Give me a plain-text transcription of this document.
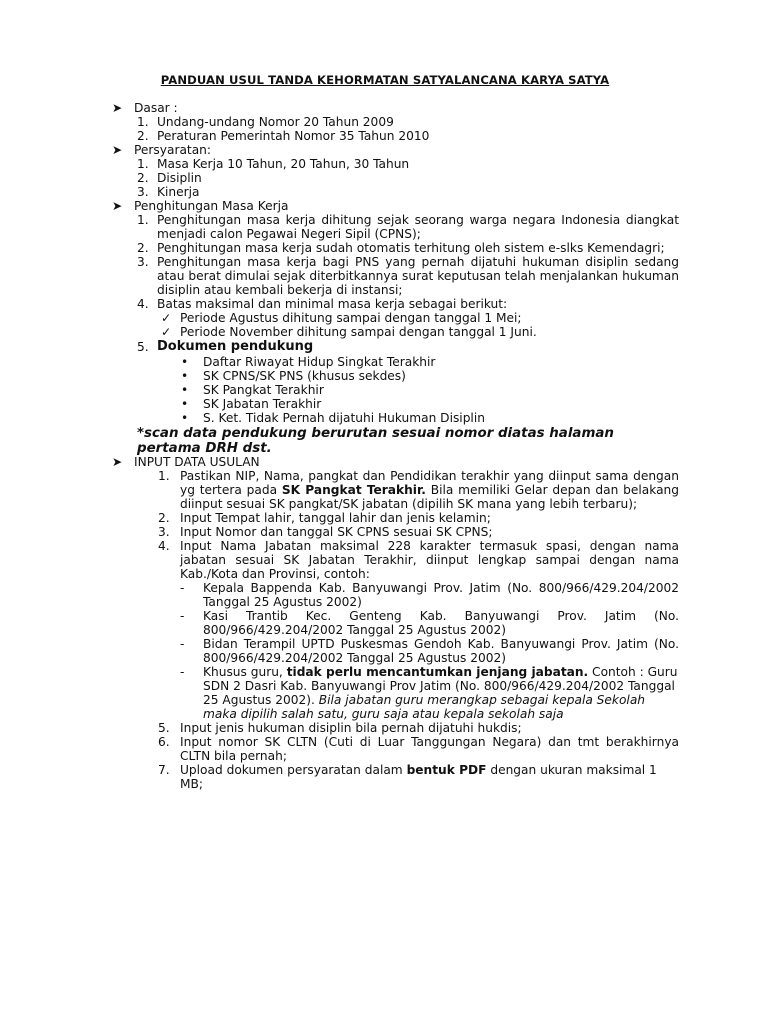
PANDUAN USUL TANDA KEHORMATAN SATYALANCANA KARYA SATYA
➤ Dasar :
1. Undang-undang Nomor 20 Tahun 2009
2. Peraturan Pemerintah Nomor 35 Tahun 2010
➤ Persyaratan:
1. Masa Kerja 10 Tahun, 20 Tahun, 30 Tahun
2. Disiplin
3. Kinerja
➤ Penghitungan Masa Kerja
1. Penghitungan masa kerja dihitung sejak seorang warga negara Indonesia diangkat menjadi calon Pegawai Negeri Sipil (CPNS);
2. Penghitungan masa kerja sudah otomatis terhitung oleh sistem e-slks Kemendagri;
3. Penghitungan masa kerja bagi PNS yang pernah dijatuhi hukuman disiplin sedang atau berat dimulai sejak diterbitkannya surat keputusan telah menjalankan hukuman disiplin atau kembali bekerja di instansi;
4. Batas maksimal dan minimal masa kerja sebagai berikut:
✓ Periode Agustus dihitung sampai dengan tanggal 1 Mei;
✓ Periode November dihitung sampai dengan tanggal 1 Juni.
5. Dokumen pendukung
• Daftar Riwayat Hidup Singkat Terakhir
• SK CPNS/SK PNS (khusus sekdes)
• SK Pangkat Terakhir
• SK Jabatan Terakhir
• S. Ket. Tidak Pernah dijatuhi Hukuman Disiplin
*scan data pendukung berurutan sesuai nomor diatas halaman pertama DRH dst.
➤ INPUT DATA USULAN
1. Pastikan NIP, Nama, pangkat dan Pendidikan terakhir yang diinput sama dengan yg tertera pada SK Pangkat Terakhir. Bila memiliki Gelar depan dan belakang diinput sesuai SK pangkat/SK jabatan (dipilih SK mana yang lebih terbaru);
2. Input Tempat lahir, tanggal lahir dan jenis kelamin;
3. Input Nomor dan tanggal SK CPNS sesuai SK CPNS;
4. Input Nama Jabatan maksimal 228 karakter termasuk spasi, dengan nama jabatan sesuai SK Jabatan Terakhir, diinput lengkap sampai dengan nama Kab./Kota dan Provinsi, contoh:
- Kepala Bappenda Kab. Banyuwangi Prov. Jatim (No. 800/966/429.204/2002 Tanggal 25 Agustus 2002)
- Kasi Trantib Kec. Genteng Kab. Banyuwangi Prov. Jatim (No. 800/966/429.204/2002 Tanggal 25 Agustus 2002)
- Bidan Terampil UPTD Puskesmas Gendoh Kab. Banyuwangi Prov. Jatim (No. 800/966/429.204/2002 Tanggal 25 Agustus 2002)
- Khusus guru, tidak perlu mencantumkan jenjang jabatan. Contoh : Guru SDN 2 Dasri Kab. Banyuwangi Prov Jatim (No. 800/966/429.204/2002 Tanggal 25 Agustus 2002). Bila jabatan guru merangkap sebagai kepala Sekolah maka dipilih salah satu, guru saja atau kepala sekolah saja
5. Input jenis hukuman disiplin bila pernah dijatuhi hukdis;
6. Input nomor SK CLTN (Cuti di Luar Tanggungan Negara) dan tmt berakhirnya CLTN bila pernah;
7. Upload dokumen persyaratan dalam bentuk PDF dengan ukuran maksimal 1 MB;
